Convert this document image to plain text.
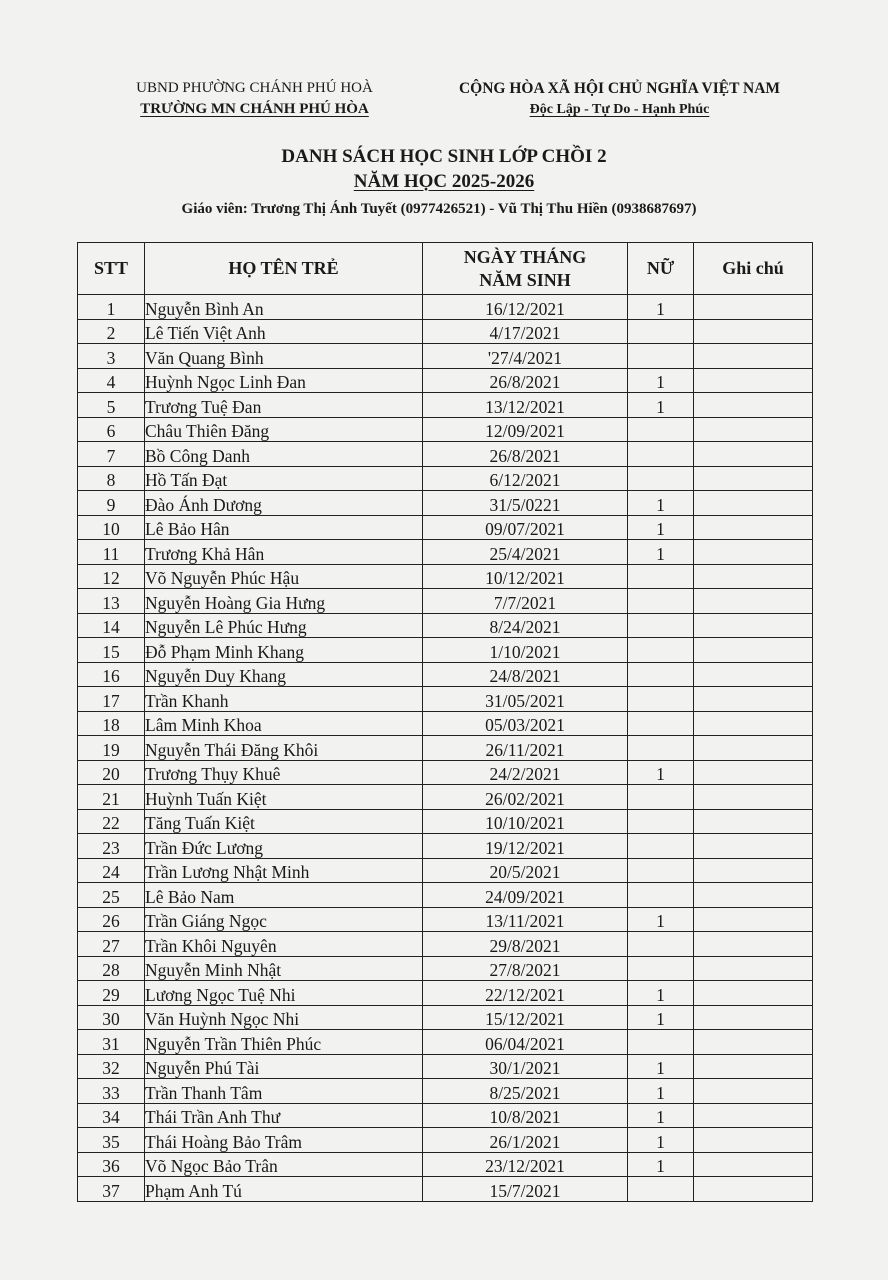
UBND PHƯỜNG CHÁNH PHÚ HOÀ
TRƯỜNG MN CHÁNH PHÚ HÒA
CỘNG HÒA XÃ HỘI CHỦ NGHĨA VIỆT NAM
Độc Lập - Tự Do - Hạnh Phúc
DANH SÁCH HỌC SINH LỚP CHỒI 2
NĂM HỌC 2025-2026
Giáo viên: Trương Thị Ánh Tuyết (0977426521) - Vũ Thị Thu Hiền (0938687697)
STT	HỌ TÊN TRẺ	NGÀY THÁNG NĂM SINH	NỮ	Ghi chú
1	Nguyễn Bình An	16/12/2021	1	
2	Lê Tiến Việt Anh	4/17/2021		
3	Văn Quang Bình	'27/4/2021		
4	Huỳnh Ngọc Linh Đan	26/8/2021	1	
5	Trương Tuệ Đan	13/12/2021	1	
6	Châu Thiên Đăng	12/09/2021		
7	Bồ Công Danh	26/8/2021		
8	Hồ Tấn Đạt	6/12/2021		
9	Đào Ánh Dương	31/5/0221	1	
10	Lê Bảo Hân	09/07/2021	1	
11	Trương Khả Hân	25/4/2021	1	
12	Võ Nguyễn Phúc Hậu	10/12/2021		
13	Nguyễn Hoàng Gia Hưng	7/7/2021		
14	Nguyễn Lê Phúc Hưng	8/24/2021		
15	Đỗ Phạm Minh Khang	1/10/2021		
16	Nguyễn Duy Khang	24/8/2021		
17	Trần Khanh	31/05/2021		
18	Lâm Minh Khoa	05/03/2021		
19	Nguyễn Thái Đăng Khôi	26/11/2021		
20	Trương Thụy Khuê	24/2/2021	1	
21	Huỳnh Tuấn Kiệt	26/02/2021		
22	Tăng Tuấn Kiệt	10/10/2021		
23	Trần Đức Lương	19/12/2021		
24	Trần Lương Nhật Minh	20/5/2021		
25	Lê Bảo Nam	24/09/2021		
26	Trần Giáng Ngọc	13/11/2021	1	
27	Trần Khôi Nguyên	29/8/2021		
28	Nguyễn Minh Nhật	27/8/2021		
29	Lương Ngọc Tuệ Nhi	22/12/2021	1	
30	Văn Huỳnh Ngọc Nhi	15/12/2021	1	
31	Nguyễn Trần Thiên Phúc	06/04/2021		
32	Nguyễn Phú Tài	30/1/2021	1	
33	Trần Thanh Tâm	8/25/2021	1	
34	Thái Trần Anh Thư	10/8/2021	1	
35	Thái Hoàng Bảo Trâm	26/1/2021	1	
36	Võ Ngọc Bảo Trân	23/12/2021	1	
37	Phạm Anh Tú	15/7/2021		
